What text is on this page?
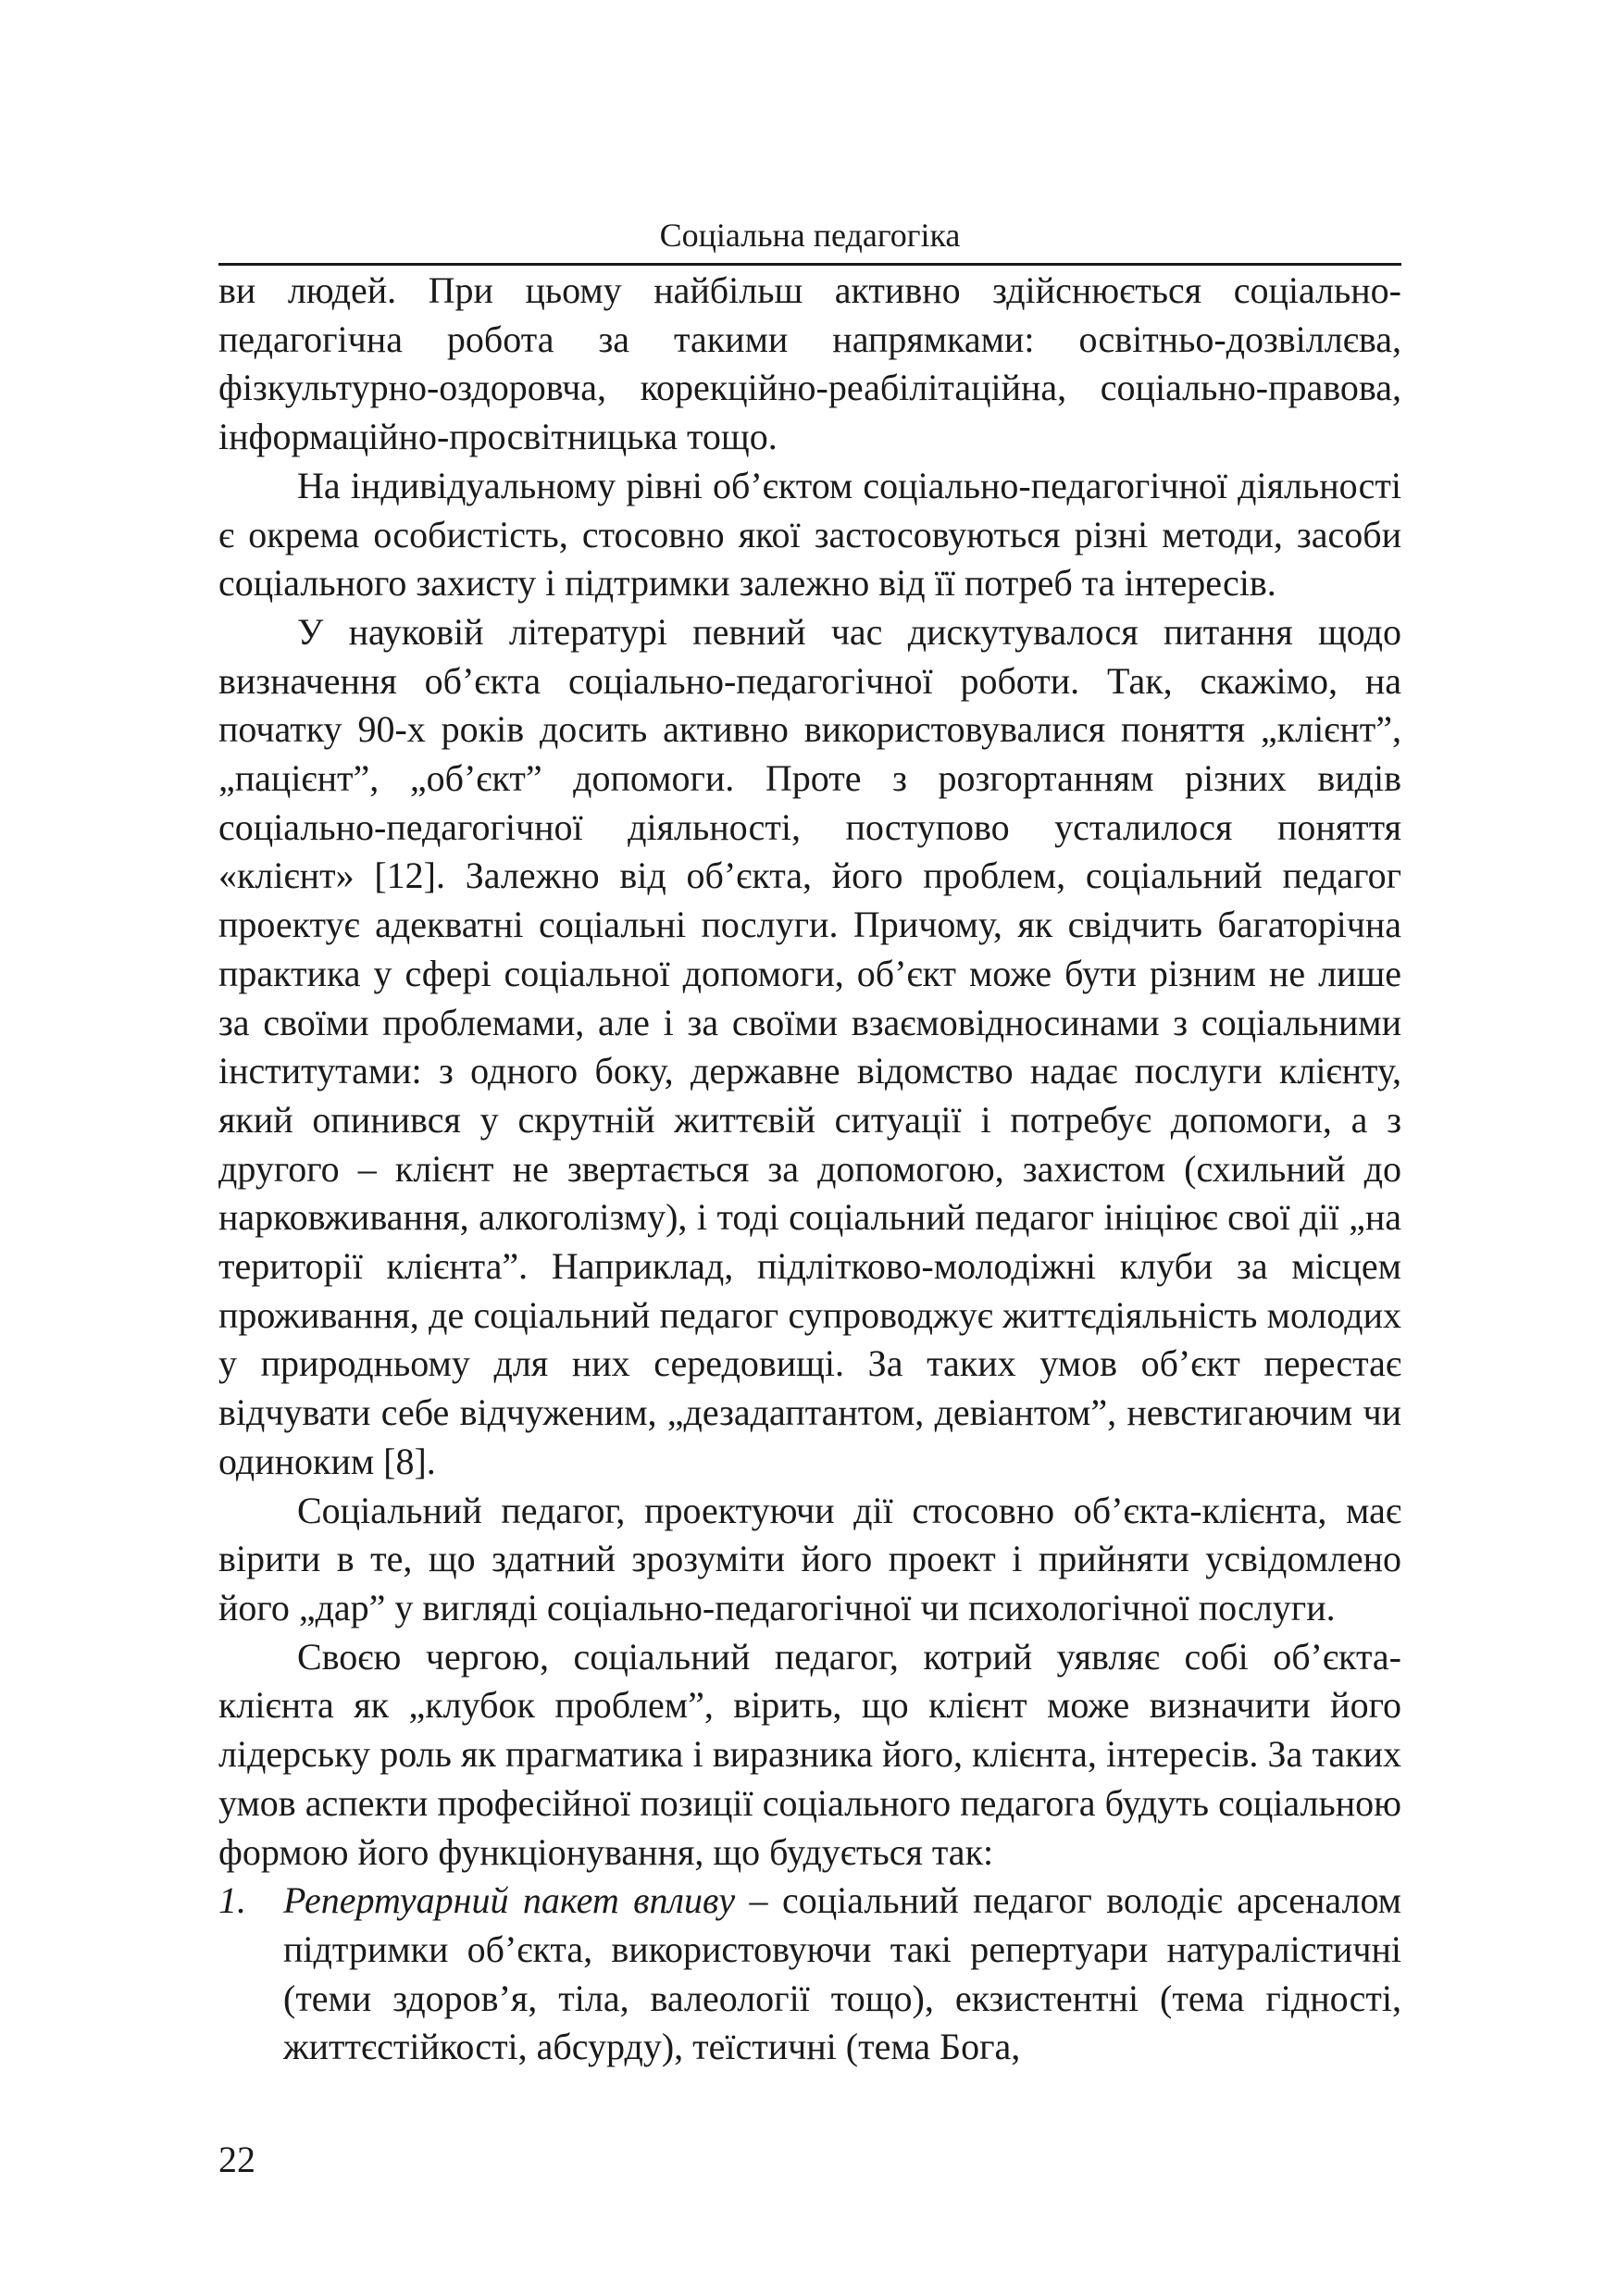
Соціальна педагогіка

ви людей. При цьому найбільш активно здійснюється соціально-педагогічна робота за такими напрямками: освітньо-дозвіллєва, фізкультурно-оздоровча, корекційно-реабілітаційна, соціально-правова, інформаційно-просвітницька тощо.

На індивідуальному рівні об’єктом соціально-педагогічної діяльності є окрема особистість, стосовно якої застосовуються різні методи, засоби соціального захисту і підтримки залежно від її потреб та інтересів.

У науковій літературі певний час дискутувалося питання щодо визначення об’єкта соціально-педагогічної роботи. Так, скажімо, на початку 90-х років досить активно використовувалися поняття „клієнт”, „пацієнт”, „об’єкт” допомоги. Проте з розгортанням різних видів соціально-педагогічної діяльності, поступово усталилося поняття «клієнт» [12]. Залежно від об’єкта, його проблем, соціальний педагог проектує адекватні соціальні послуги. Причому, як свідчить багаторічна практика у сфері соціальної допомоги, об’єкт може бути різним не лише за своїми проблемами, але і за своїми взаємовідносинами з соціальними інститутами: з одного боку, державне відомство надає послуги клієнту, який опинився у скрутній життєвій ситуації і потребує допомоги, а з другого – клієнт не звертається за допомогою, захистом (схильний до нарковживання, алкоголізму), і тоді соціальний педагог ініціює свої дії „на території клієнта”. Наприклад, підлітково-молодіжні клуби за місцем проживання, де соціальний педагог супроводжує життєдіяльність молодих у природньому для них середовищі. За таких умов об’єкт перестає відчувати себе відчуженим, „дезадаптантом, девіантом”, невстигаючим чи одиноким [8].

Соціальний педагог, проектуючи дії стосовно об’єкта-клієнта, має вірити в те, що здатний зрозуміти його проект і прийняти усвідомлено його „дар” у вигляді соціально-педагогічної чи психологічної послуги.

Своєю чергою, соціальний педагог, котрий уявляє собі об’єкта-клієнта як „клубок проблем”, вірить, що клієнт може визначити його лідерську роль як прагматика і виразника його, клієнта, інтересів. За таких умов аспекти професійної позиції соціального педагога будуть соціальною формою його функціонування, що будується так:

1.	Репертуарний пакет впливу – соціальний педагог володіє арсеналом підтримки об’єкта, використовуючи такі репертуари натуралістичні (теми здоров’я, тіла, валеології тощо), екзистентні (тема гідності, життєстійкості, абсурду), теїстичні (тема Бога,
22
